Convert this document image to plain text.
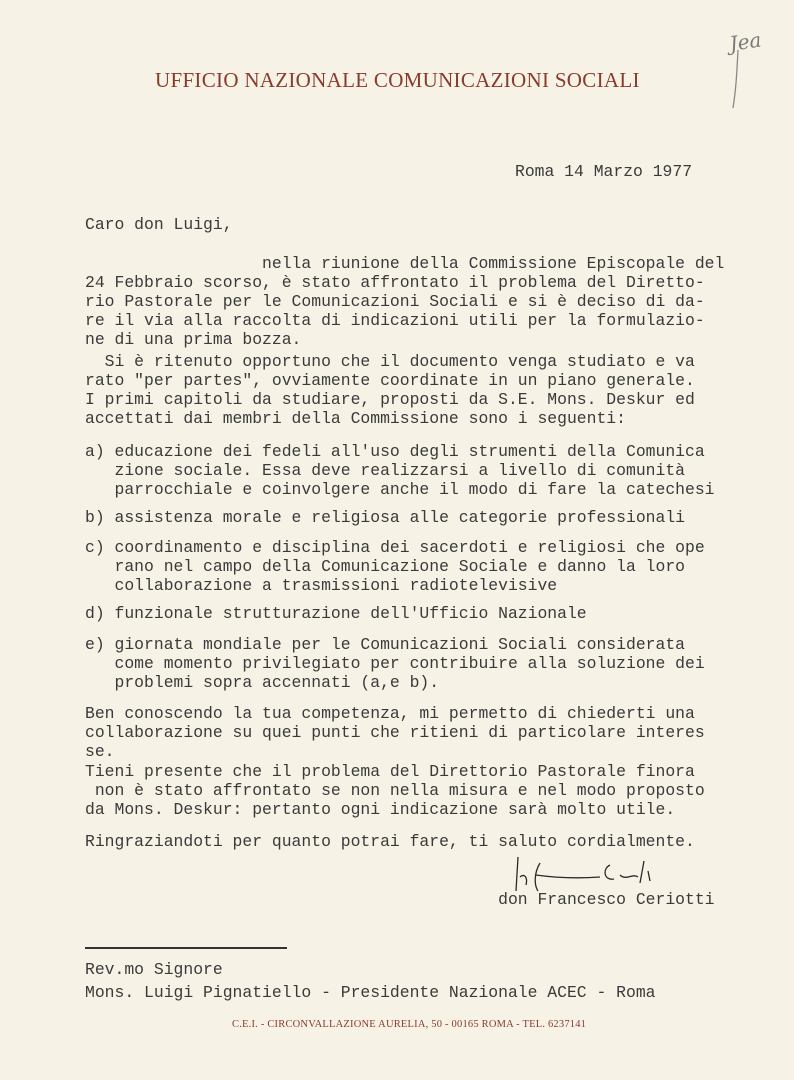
Jea
UFFICIO NAZIONALE COMUNICAZIONI SOCIALI
Roma 14 Marzo 1977
Caro don Luigi,
nella riunione della Commissione Episcopale del
24 Febbraio scorso, è stato affrontato il problema del Diretto-
rio Pastorale per le Comunicazioni Sociali e si è deciso di da-
re il via alla raccolta di indicazioni utili per la formulazio-
ne di una prima bozza.
Si è ritenuto opportuno che il documento venga studiato e va
rato "per partes", ovviamente coordinate in un piano generale.
I primi capitoli da studiare, proposti da S.E. Mons. Deskur ed
accettati dai membri della Commissione sono i seguenti:
a) educazione dei fedeli all'uso degli strumenti della Comunica
zione sociale. Essa deve realizzarsi a livello di comunità
parrocchiale e coinvolgere anche il modo di fare la catechesi
b) assistenza morale e religiosa alle categorie professionali
c) coordinamento e disciplina dei sacerdoti e religiosi che ope
rano nel campo della Comunicazione Sociale e danno la loro
collaborazione a trasmissioni radiotelevisive
d) funzionale strutturazione dell'Ufficio Nazionale
e) giornata mondiale per le Comunicazioni Sociali considerata
come momento privilegiato per contribuire alla soluzione dei
problemi sopra accennati (a,e b).
Ben conoscendo la tua competenza, mi permetto di chiederti una
collaborazione su quei punti che ritieni di particolare interes
se.
Tieni presente che il problema del Direttorio Pastorale finora
non è stato affrontato se non nella misura e nel modo proposto
da Mons. Deskur: pertanto ogni indicazione sarà molto utile.
Ringraziandoti per quanto potrai fare, ti saluto cordialmente.
don Francesco Ceriotti
Rev.mo Signore
Mons. Luigi Pignatiello - Presidente Nazionale ACEC - Roma
C.E.I. - CIRCONVALLAZIONE AURELIA, 50 - 00165 ROMA - TEL. 6237141
